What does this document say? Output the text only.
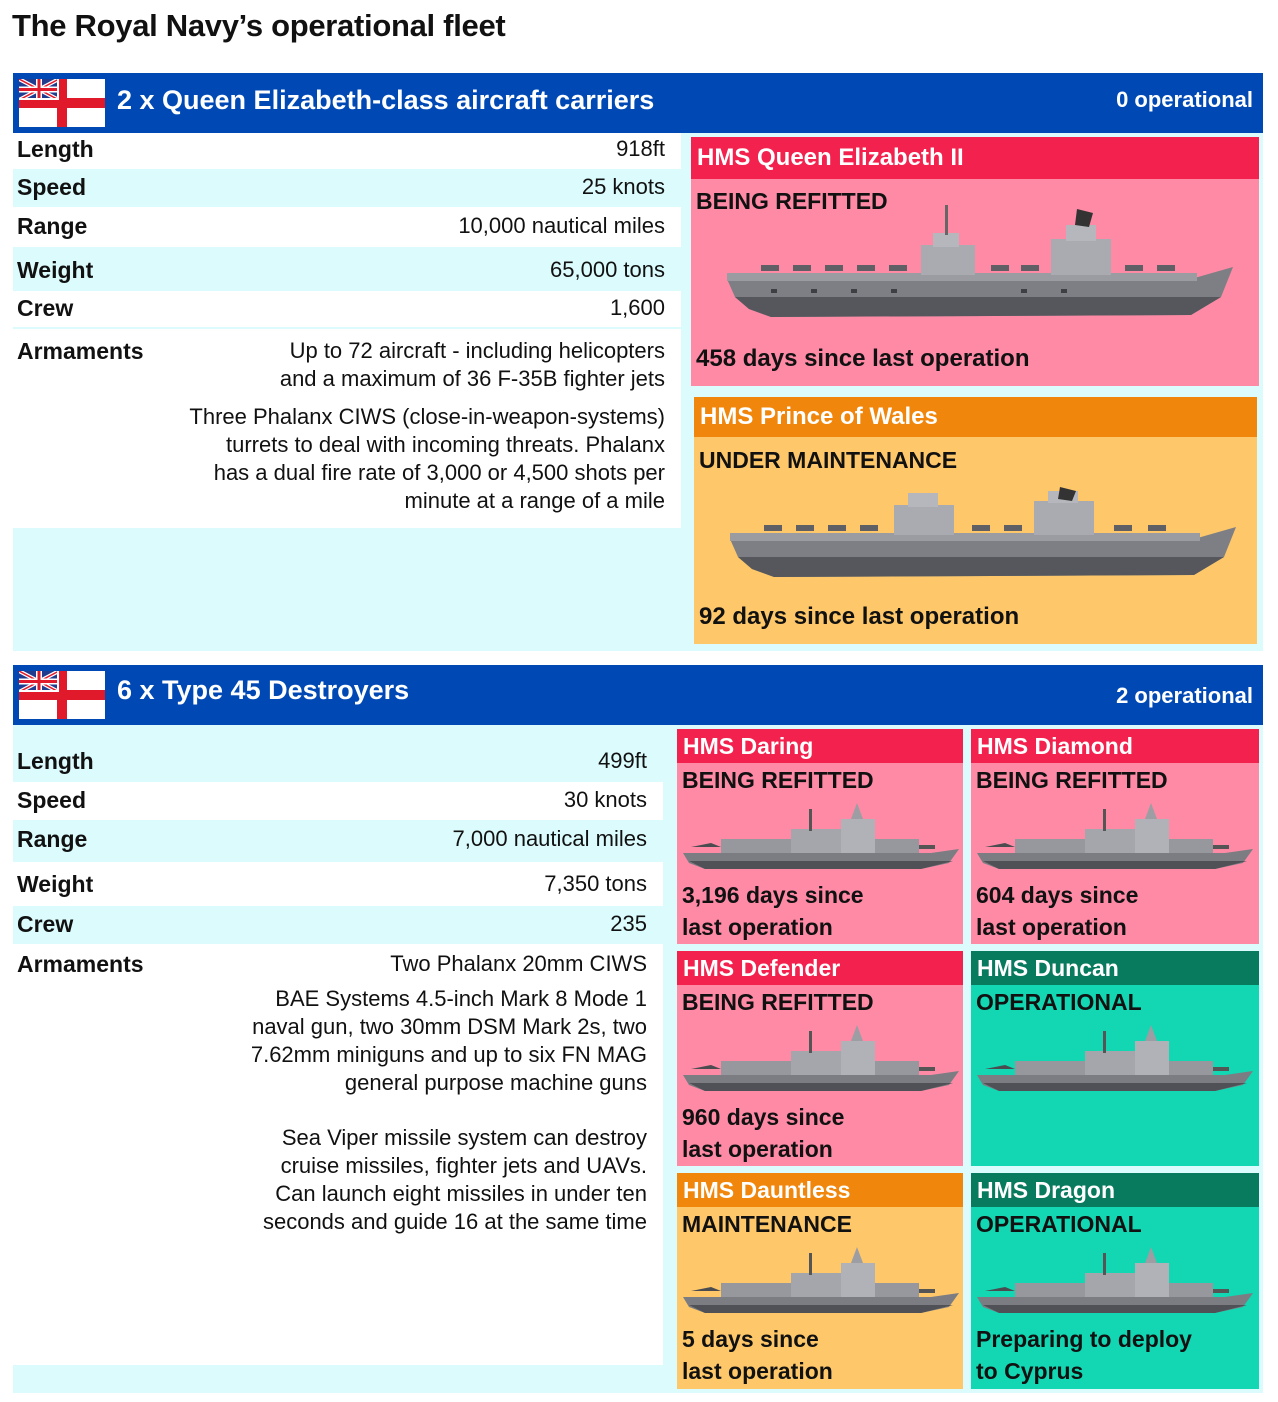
The Royal Navy’s operational fleet
2 x Queen Elizabeth-class aircraft carriers	0 operational
Length	918ft
Speed	25 knots
Range	10,000 nautical miles
Weight	65,000 tons
Crew	1,600
Armaments	Up to 72 aircraft - including helicopters
and a maximum of 36 F-35B fighter jets
Three Phalanx CIWS (close-in-weapon-systems)
turrets to deal with incoming threats. Phalanx
has a dual fire rate of 3,000 or 4,500 shots per
minute at a range of a mile
HMS Queen Elizabeth II
BEING REFITTED
458 days since last operation
HMS Prince of Wales
UNDER MAINTENANCE
92 days since last operation
6 x Type 45 Destroyers	2 operational
Length	499ft
Speed	30 knots
Range	7,000 nautical miles
Weight	7,350 tons
Crew	235
Armaments	Two Phalanx 20mm CIWS
BAE Systems 4.5-inch Mark 8 Mode 1
naval gun, two 30mm DSM Mark 2s, two
7.62mm miniguns and up to six FN MAG
general purpose machine guns
Sea Viper missile system can destroy
cruise missiles, fighter jets and UAVs.
Can launch eight missiles in under ten
seconds and guide 16 at the same time
HMS Daring
BEING REFITTED
3,196 days since
last operation
HMS Diamond
BEING REFITTED
604 days since
last operation
HMS Defender
BEING REFITTED
960 days since
last operation
HMS Duncan
OPERATIONAL
HMS Dauntless
MAINTENANCE
5 days since
last operation
HMS Dragon
OPERATIONAL
Preparing to deploy
to Cyprus
